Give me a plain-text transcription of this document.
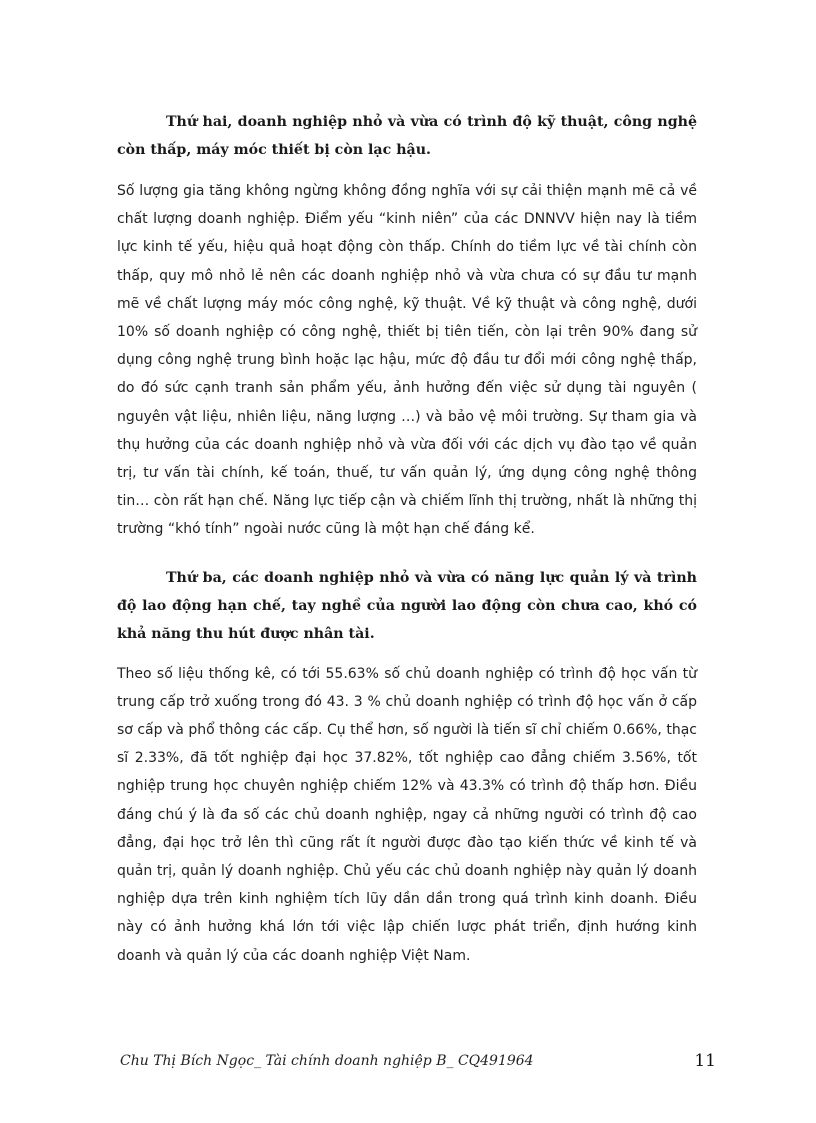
Thứ hai, doanh nghiệp nhỏ và vừa có trình độ kỹ thuật, công nghệ còn thấp, máy móc thiết bị còn lạc hậu.

Số lượng gia tăng không ngừng không đồng nghĩa với sự cải thiện mạnh mẽ cả về chất lượng doanh nghiệp. Điểm yếu “kinh niên” của các DNNVV hiện nay là tiềm lực kinh tế yếu, hiệu quả hoạt động còn thấp. Chính do tiềm lực về tài chính còn thấp, quy mô nhỏ lẻ nên các doanh nghiệp nhỏ và vừa chưa có sự đầu tư mạnh mẽ về chất lượng máy móc công nghệ, kỹ thuật. Về kỹ thuật và công nghệ, dưới 10% số doanh nghiệp có công nghệ, thiết bị tiên tiến, còn lại trên 90% đang sử dụng công nghệ trung bình hoặc lạc hậu, mức độ đầu tư đổi mới công nghệ thấp, do đó sức cạnh tranh sản phẩm yếu, ảnh hưởng đến việc sử dụng tài nguyên ( nguyên vật liệu, nhiên liệu, năng lượng …) và bảo vệ môi trường. Sự tham gia và thụ hưởng của các doanh nghiệp nhỏ và vừa đối với các dịch vụ đào tạo về quản trị, tư vấn tài chính, kế toán, thuế, tư vấn quản lý, ứng dụng công nghệ thông tin… còn rất hạn chế. Năng lực tiếp cận và chiếm lĩnh thị trường, nhất là những thị trường “khó tính” ngoài nước cũng là một hạn chế đáng kể.

Thứ ba, các doanh nghiệp nhỏ và vừa có năng lực quản lý và trình độ lao động hạn chế, tay nghề của người lao động còn chưa cao, khó có khả năng thu hút được nhân tài.

Theo số liệu thống kê, có tới 55.63% số chủ doanh nghiệp có trình độ học vấn từ trung cấp trở xuống trong đó 43. 3 % chủ doanh nghiệp có trình độ học vấn ở cấp sơ cấp và phổ thông các cấp. Cụ thể hơn, số người là tiến sĩ chỉ chiếm 0.66%, thạc sĩ 2.33%, đã tốt nghiệp đại học 37.82%, tốt nghiệp cao đẳng chiếm 3.56%, tốt nghiệp trung học chuyên nghiệp chiếm 12% và 43.3% có trình độ thấp hơn. Điều đáng chú ý là đa số các chủ doanh nghiệp, ngay cả những người có trình độ cao đẳng, đại học trở lên thì cũng rất ít người được đào tạo kiến thức về kinh tế và quản trị, quản lý doanh nghiệp. Chủ yếu các chủ doanh nghiệp này quản lý doanh nghiệp dựa trên kinh nghiệm tích lũy dần dần trong quá trình kinh doanh. Điều này có ảnh hưởng khá lớn tới việc lập chiến lược phát triển, định hướng kinh doanh và quản lý của các doanh nghiệp Việt Nam.

Chu Thị Bích Ngọc_ Tài chính doanh nghiệp B_ CQ491964	11
